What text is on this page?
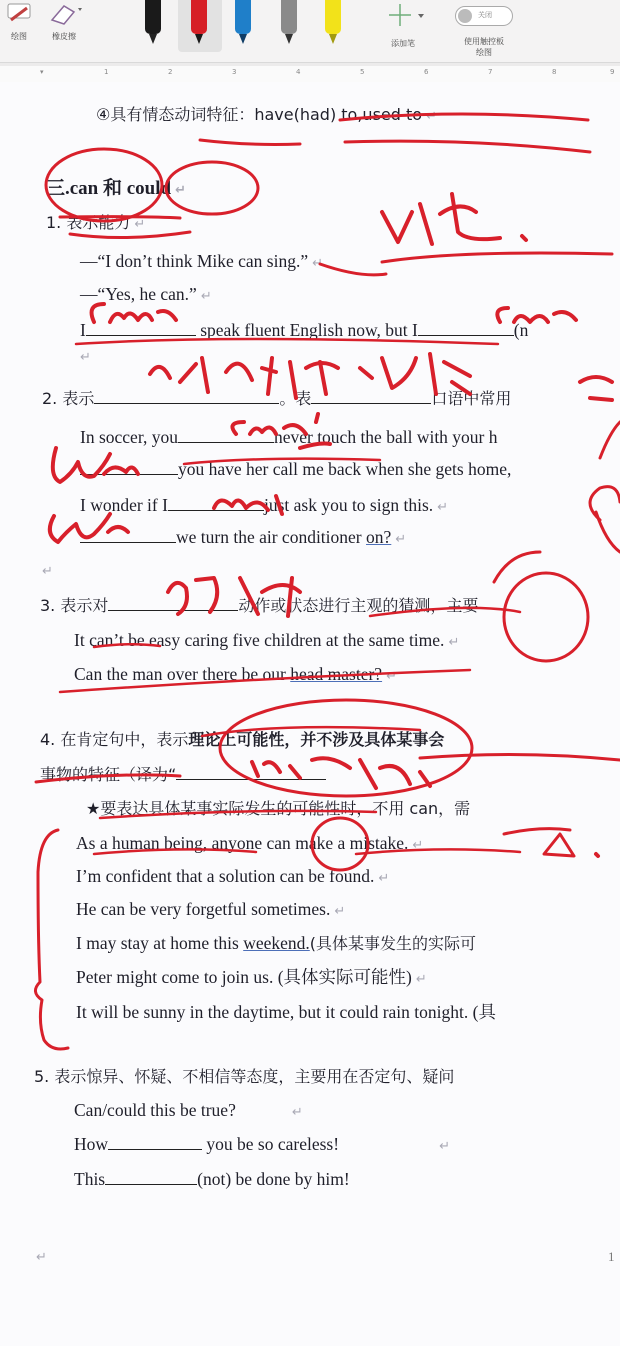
绘图	橡皮擦
添加笔
关闭
使用触控板
绘图
▾	1	2	3	4	5	6	7	8	9
④具有情态动词特征：have(had) to,used to ↵
三.can 和 could ↵
1. 表示能力 ↵
—“I don’t think Mike can sing.” ↵
—“Yes, he can.” ↵
I	speak fluent English now, but I	(n
↵
2. 表示	。表	口语中常用
In soccer, you	never touch the ball with your h
you have her call me back when she gets home,
I wonder if I	just ask you to sign this. ↵
we turn the air conditioner on? ↵
↵
3. 表示对	动作或状态进行主观的猜测，主要
It can’t be easy caring five children at the same time. ↵
Can the man over there be our head master? ↵
4. 在肯定句中，表示理论上可能性，并不涉及具体某事会
事物的特征（译为“
★要表达具体某事实际发生的可能性时，不用 can，需
As a human being, anyone can make a mistake. ↵
I’m confident that a solution can be found. ↵
He can be very forgetful sometimes. ↵
I may stay at home this weekend.(具体某事发生的实际可
Peter might come to join us. (具体实际可能性) ↵
It will be sunny in the daytime, but it could rain tonight. (具
5. 表示惊异、怀疑、不相信等态度，主要用在否定句、疑问
Can/could this be true?	↵
How	you be so careless!	↵
This	(not) be done by him!
↵	1
